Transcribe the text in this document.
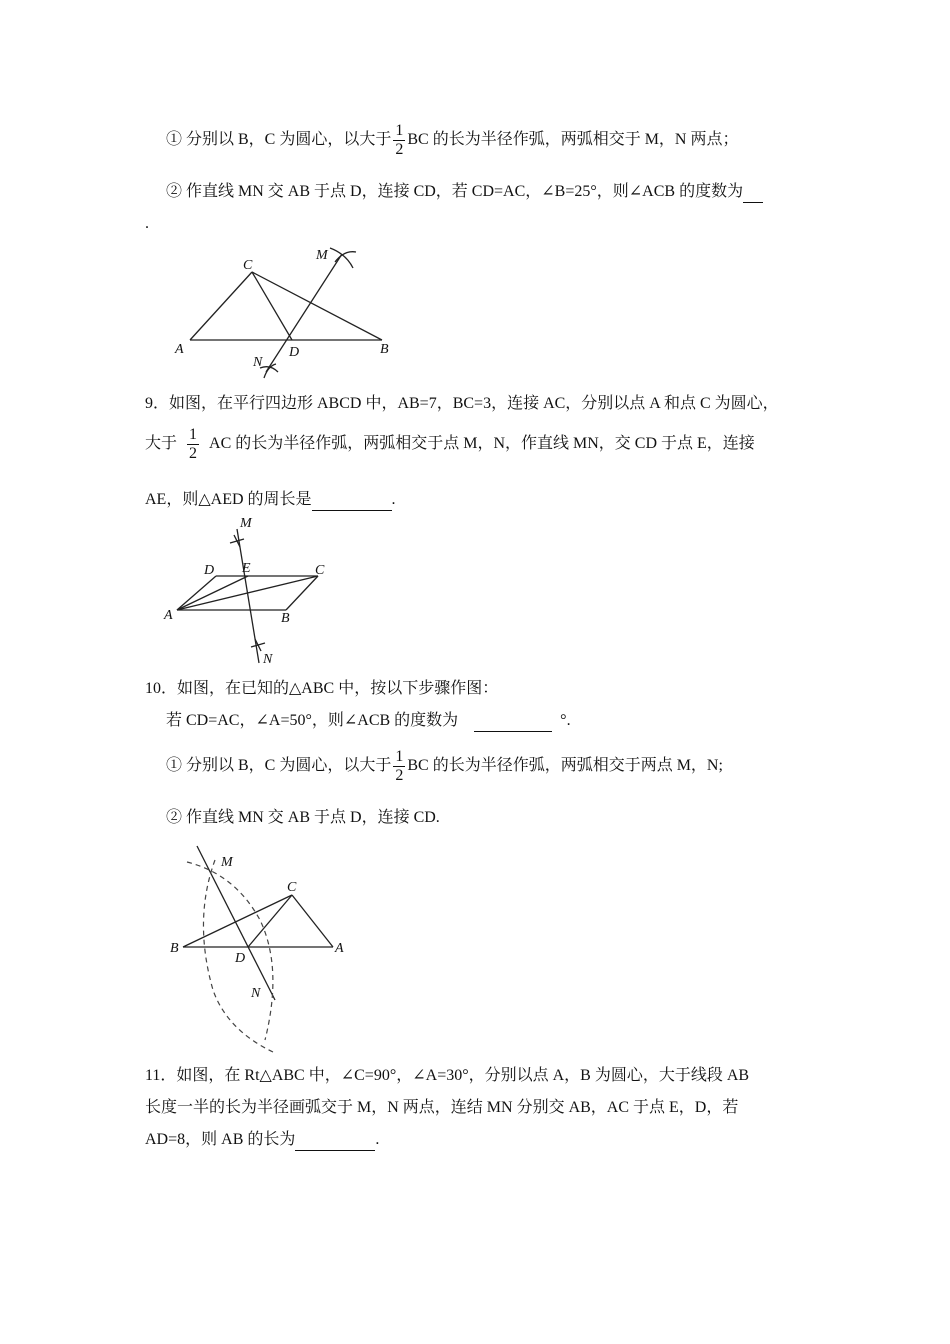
① 分别以 B，C 为圆心，以大于 $\frac{1}{2}$ BC 的长为半径作弧，两弧相交于 M，N 两点；
② 作直线 MN 交 AB 于点 D，连接 CD，若 CD=AC，∠B=25°，则∠ACB 的度数为
.
C
M
A	D	B
N
9．如图，在平行四边形 ABCD 中，AB=7，BC=3，连接 AC，分别以点 A 和点 C 为圆心，
大于 $\frac{1}{2}$ AC 的长为半径作弧，两弧相交于点 M，N，作直线 MN，交 CD 于点 E，连接
AE，则△AED 的周长是	.
M
D E	C
A	B
N
10．如图，在已知的△ABC 中，按以下步骤作图：
若 CD=AC，∠A=50°，则∠ACB 的度数为	°.
① 分别以 B，C 为圆心，以大于 $\frac{1}{2}$ BC 的长为半径作弧，两弧相交于两点 M，N;
② 作直线 MN 交 AB 于点 D，连接 CD.
M
C
B	A
D
N
11．如图，在 Rt△ABC 中，∠C=90°，∠A=30°，分别以点 A，B 为圆心，大于线段 AB
长度一半的长为半径画弧交于 M，N 两点，连结 MN 分别交 AB，AC 于点 E，D，若
AD=8，则 AB 的长为	.
